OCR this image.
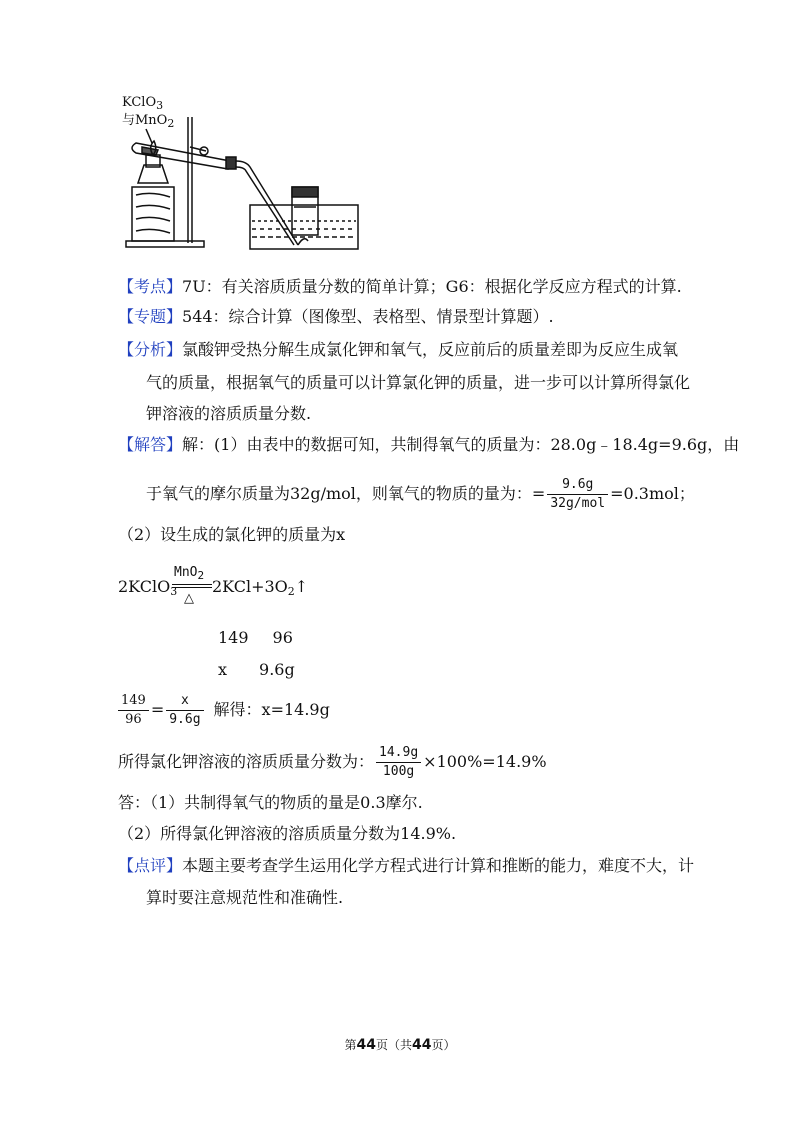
KClO$_3$
与MnO$_2$
【考点】7U：有关溶质质量分数的简单计算；G6：根据化学反应方程式的计算.
【专题】544：综合计算（图像型、表格型、情景型计算题）.
【分析】氯酸钾受热分解生成氯化钾和氧气，反应前后的质量差即为反应生成氧
气的质量，根据氧气的质量可以计算氯化钾的质量，进一步可以计算所得氯化
钾溶液的溶质质量分数.
【解答】解：(1）由表中的数据可知，共制得氧气的质量为：28.0g﹣18.4g=9.6g，由
于氧气的摩尔质量为32g/mol，则氧气的物质的量为：= $\frac{9.6g}{\text{32g/mol}} =0.3mol$；
（2）设生成的氯化钾的质量为x
2KClO$_3$
MnO$_2$
△
$2KCl+3O_2↑$
149 96
x 9.6g
$\frac{149}{96} = \frac{x}{9.6g}$ 解得：x=14.9g
所得氯化钾溶液的溶质质量分数为： $\frac{14.9g}{100g} \times 100\%=14.9\%$
答：（1）共制得氧气的物质的量是0.3摩尔.
（2）所得氯化钾溶液的溶质质量分数为14.9%.
【点评】本题主要考查学生运用化学方程式进行计算和推断的能力，难度不大，计
算时要注意规范性和准确性.
第44页（共44页）
